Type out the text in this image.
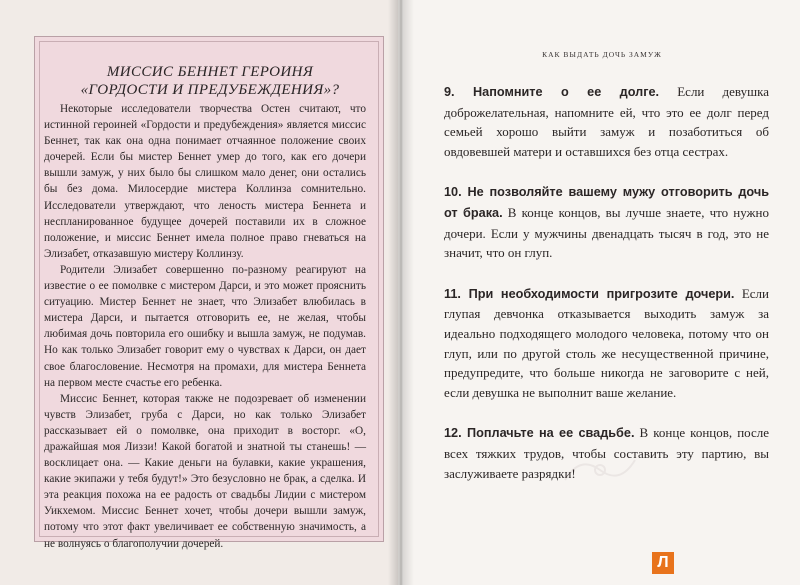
МИССИС БЕННЕТ ГЕРОИНЯ
«ГОРДОСТИ И ПРЕДУБЕЖДЕНИЯ»?

Некоторые исследователи творчества Остен считают, что истинной героиней «Гордости и предубеждения» является миссис Беннет, так как она одна понимает отчаянное положение своих дочерей. Если бы мистер Беннет умер до того, как его дочери вышли замуж, у них было бы слишком мало денег, они остались бы без дома. Милосердие мистера Коллинза сомнительно. Исследователи утверждают, что леность мистера Беннета и неспланированное будущее дочерей поставили их в сложное положение, и миссис Беннет имела полное право гневаться на Элизабет, отказавшую мистеру Коллинзу.

Родители Элизабет совершенно по-разному реагируют на известие о ее помолвке с мистером Дарси, и это может прояснить ситуацию. Мистер Беннет не знает, что Элизабет влюбилась в мистера Дарси, и пытается отговорить ее, не желая, чтобы любимая дочь повторила его ошибку и вышла замуж, не подумав. Но как только Элизабет говорит ему о чувствах к Дарси, он дает свое благословение. Несмотря на промахи, для мистера Беннета на первом месте счастье его ребенка.

Миссис Беннет, которая также не подозревает об изменении чувств Элизабет, груба с Дарси, но как только Элизабет рассказывает ей о помолвке, она приходит в восторг. «О, дражайшая моя Лиззи! Какой богатой и знатной ты станешь! — восклицает она. — Какие деньги на булавки, какие украшения, какие экипажи у тебя будут!» Это безусловно не брак, а сделка. И эта реакция похожа на ее радость от свадьбы Лидии с мистером Уикхемом. Миссис Беннет хочет, чтобы дочери вышли замуж, потому что этот факт увеличивает ее собственную значимость, а не волнуясь о благополучии дочерей.

КАК ВЫДАТЬ ДОЧЬ ЗАМУЖ

9. Напомните о ее долге. Если девушка доброжелательная, напомните ей, что это ее долг перед семьей хорошо выйти замуж и позаботиться об овдовевшей матери и оставшихся без отца сестрах.

10. Не позволяйте вашему мужу отговорить дочь от брака. В конце концов, вы лучше знаете, что нужно дочери. Если у мужчины двенадцать тысяч в год, это не значит, что он глуп.

11. При необходимости пригрозите дочери. Если глупая девчонка отказывается выходить замуж за идеально подходящего молодого человека, потому что он глуп, или по другой столь же несущественной причине, предупредите, что больше никогда не заговорите с ней, если девушка не выполнит ваше желание.

12. Поплачьте на ее свадьбе. В конце концов, после всех тяжких трудов, чтобы составить эту партию, вы заслуживаете разрядки!

Л
